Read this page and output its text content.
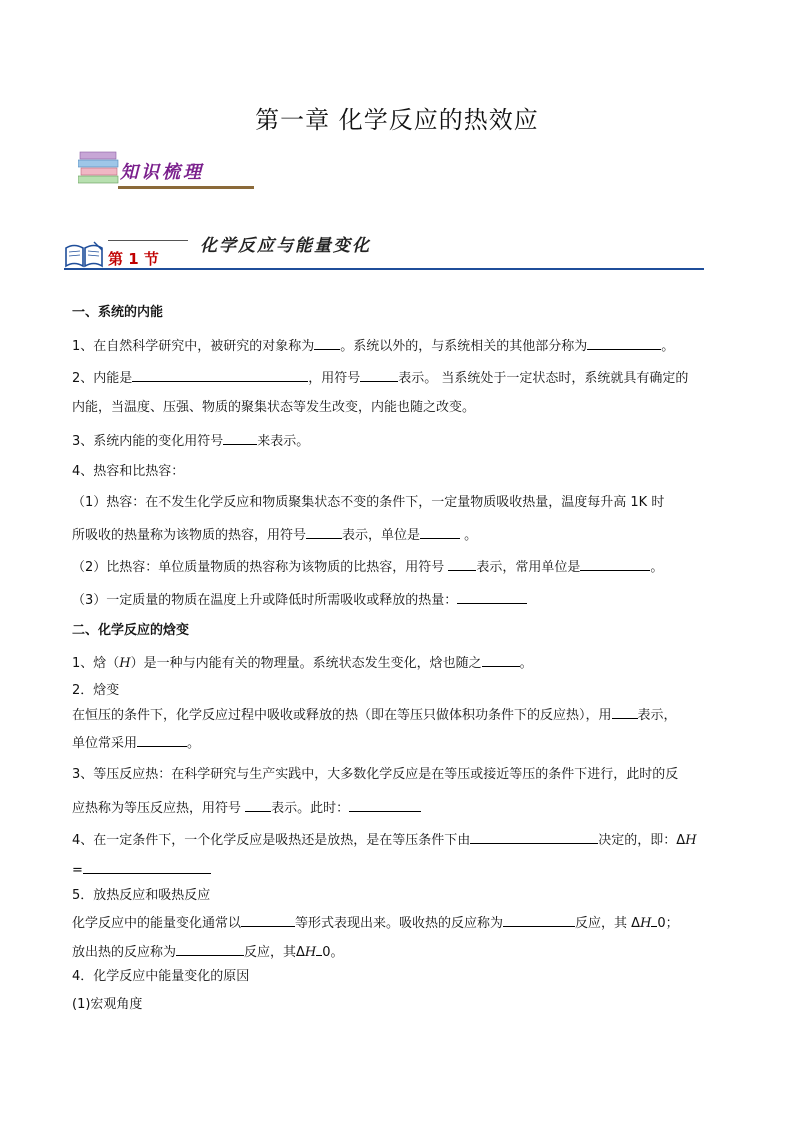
第一章 化学反应的热效应
知识梳理
第 1 节
化学反应与能量变化
一、系统的内能
1、在自然科学研究中，被研究的对象称为 。系统以外的，与系统相关的其他部分称为	。
2、内能是	，用符号	表示。 当系统处于一定状态时，系统就具有确定的
内能，当温度、压强、物质的聚集状态等发生改变，内能也随之改变。
3、系统内能的变化用符号	来表示。
4、热容和比热容：
（1）热容：在不发生化学反应和物质聚集状态不变的条件下，一定量物质吸收热量，温度每升高 1K 时
所吸收的热量称为该物质的热容，用符号	表示，单位是	。
（2）比热容：单位质量物质的热容称为该物质的比热容，用符号 表示，常用单位是	。
（3）一定质量的物质在温度上升或降低时所需吸收或释放的热量：
二、化学反应的焓变
1、焓（H）是一种与内能有关的物理量。系统状态发生变化，焓也随之	。
2．焓变
在恒压的条件下，化学反应过程中吸收或释放的热（即在等压只做体积功条件下的反应热），用 表示，
单位常采用	。
3、等压反应热：在科学研究与生产实践中，大多数化学反应是在等压或接近等压的条件下进行，此时的反
应热称为等压反应热，用符号 表示。此时：
4、在一定条件下，一个化学反应是吸热还是放热，是在等压条件下由	决定的，即：ΔH
=
5．放热反应和吸热反应
化学反应中的能量变化通常以	等形式表现出来。吸收热的反应称为	反应，其 ΔH 0；
放出热的反应称为	反应，其ΔH 0。
4．化学反应中能量变化的原因
(1)宏观角度
